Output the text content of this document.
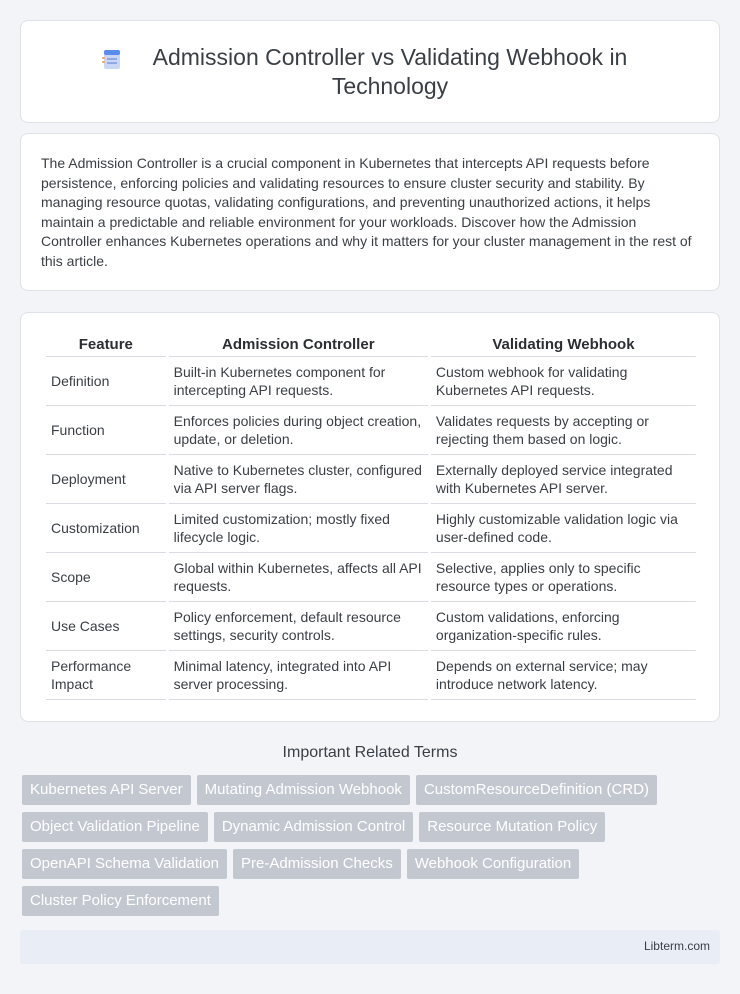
Admission Controller vs Validating Webhook in Technology

The Admission Controller is a crucial component in Kubernetes that intercepts API requests before persistence, enforcing policies and validating resources to ensure cluster security and stability. By managing resource quotas, validating configurations, and preventing unauthorized actions, it helps maintain a predictable and reliable environment for your workloads. Discover how the Admission Controller enhances Kubernetes operations and why it matters for your cluster management in the rest of this article.

Feature	Admission Controller	Validating Webhook
Definition	Built-in Kubernetes component for intercepting API requests.	Custom webhook for validating Kubernetes API requests.
Function	Enforces policies during object creation, update, or deletion.	Validates requests by accepting or rejecting them based on logic.
Deployment	Native to Kubernetes cluster, configured via API server flags.	Externally deployed service integrated with Kubernetes API server.
Customization	Limited customization; mostly fixed lifecycle logic.	Highly customizable validation logic via user-defined code.
Scope	Global within Kubernetes, affects all API requests.	Selective, applies only to specific resource types or operations.
Use Cases	Policy enforcement, default resource settings, security controls.	Custom validations, enforcing organization-specific rules.
Performance Impact	Minimal latency, integrated into API server processing.	Depends on external service; may introduce network latency.
Important Related Terms
Kubernetes API Server	Mutating Admission Webhook	CustomResourceDefinition (CRD)
Object Validation Pipeline	Dynamic Admission Control	Resource Mutation Policy
OpenAPI Schema Validation	Pre-Admission Checks	Webhook Configuration
Cluster Policy Enforcement
Libterm.com
